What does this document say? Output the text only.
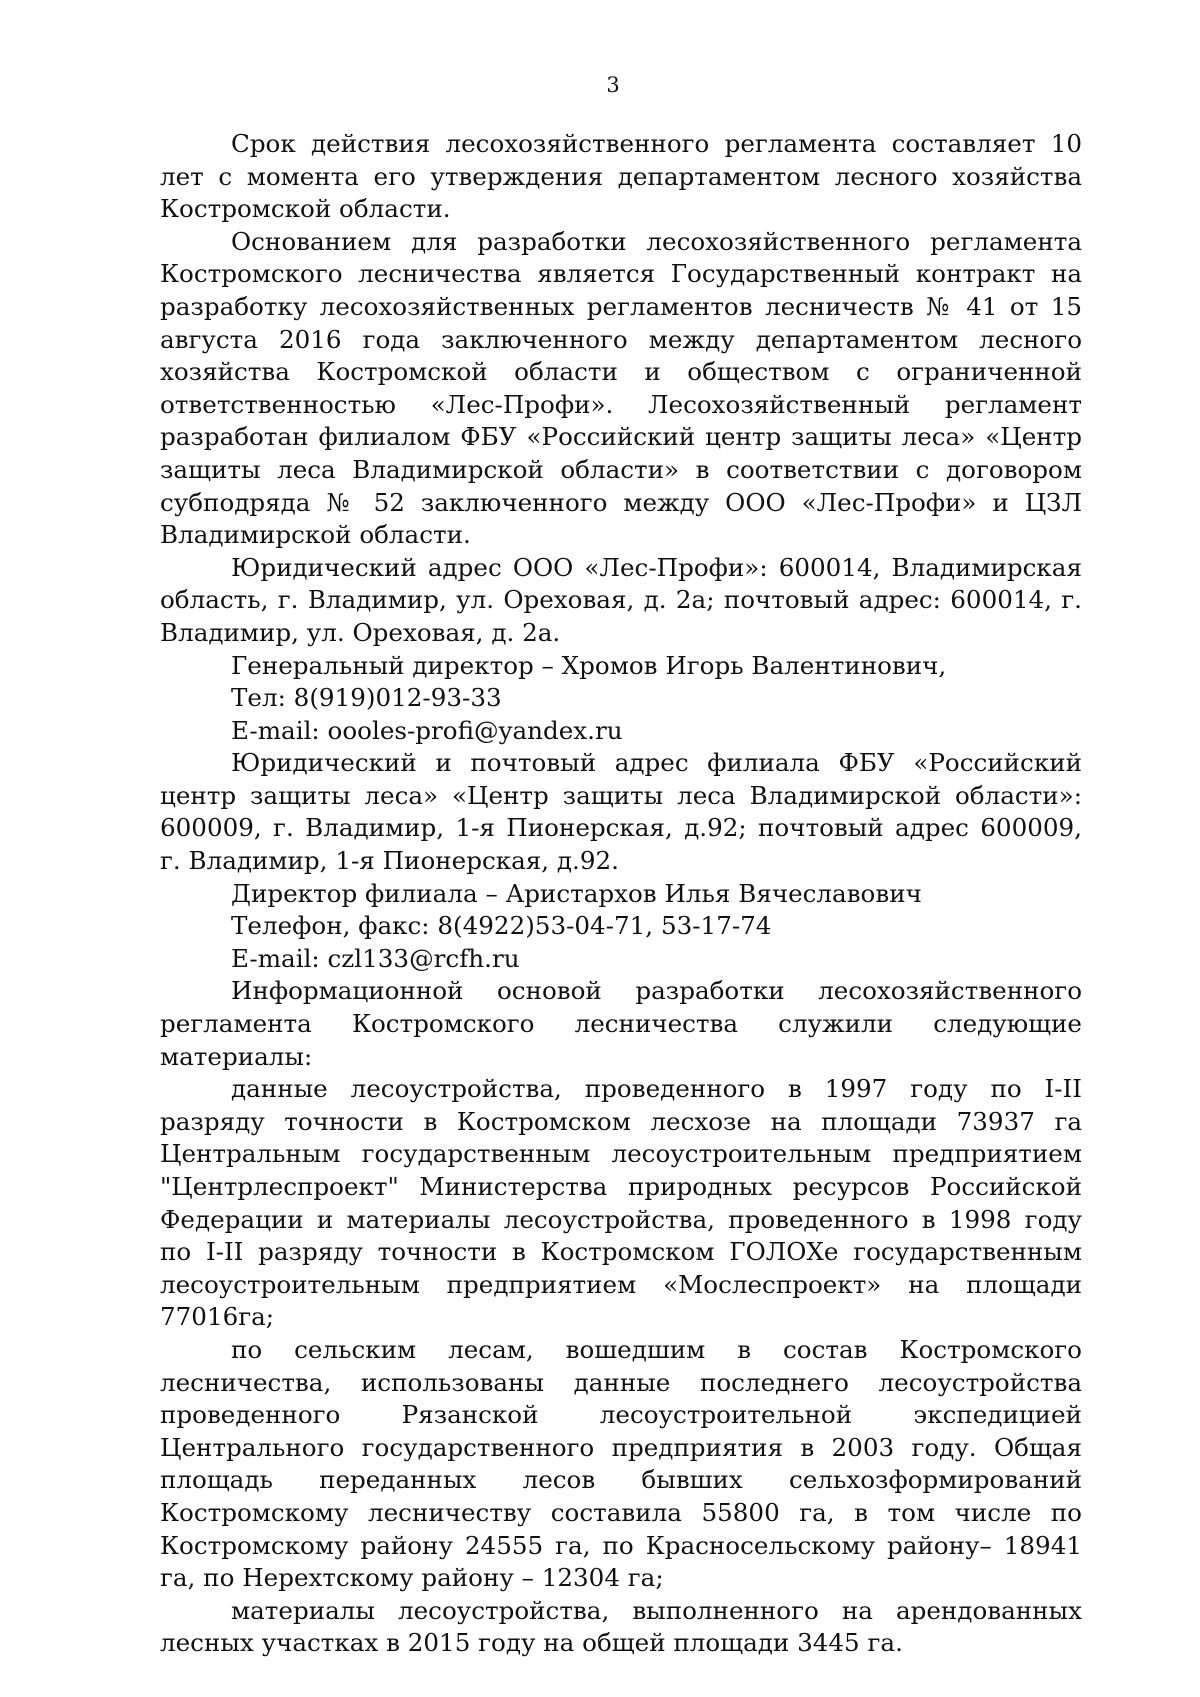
3

Срок действия лесохозяйственного регламента составляет 10 лет с момента его утверждения департаментом лесного хозяйства Костромской области.

Основанием для разработки лесохозяйственного регламента Костромского лесничества является Государственный контракт на разработку лесохозяйственных регламентов лесничеств № 41 от 15 августа 2016 года заключенного между департаментом лесного хозяйства Костромской области и обществом с ограниченной ответственностью «Лес-Профи». Лесохозяйственный регламент разработан филиалом ФБУ «Российский центр защиты леса» «Центр защиты леса Владимирской области» в соответствии с договором субподряда № 52 заключенного между ООО «Лес-Профи» и ЦЗЛ Владимирской области.

Юридический адрес ООО «Лес-Профи»: 600014, Владимирская область, г. Владимир, ул. Ореховая, д. 2а; почтовый адрес: 600014, г. Владимир, ул. Ореховая, д. 2а.

Генеральный директор – Хромов Игорь Валентинович,

Тел: 8(919)012-93-33

E-mail: oooles-profi@yandex.ru

Юридический и почтовый адрес филиала ФБУ «Российский центр защиты леса» «Центр защиты леса Владимирской области»: 600009, г. Владимир, 1-я Пионерская, д.92; почтовый адрес 600009, г. Владимир, 1-я Пионерская, д.92.

Директор филиала – Аристархов Илья Вячеславович

Телефон, факс: 8(4922)53-04-71, 53-17-74

E-mail: czl133@rcfh.ru

Информационной основой разработки лесохозяйственного регламента Костромского лесничества служили следующие материалы:

данные лесоустройства, проведенного в 1997 году по I-II разряду точности в Костромском лесхозе на площади 73937 га Центральным государственным лесоустроительным предприятием "Центрлеспроект" Министерства природных ресурсов Российской Федерации и материалы лесоустройства, проведенного в 1998 году по I-II разряду точности в Костромском ГОЛОХе государственным лесоустроительным предприятием «Мослеспроект» на площади 77016га;

по сельским лесам, вошедшим в состав Костромского лесничества, использованы данные последнего лесоустройства проведенного Рязанской лесоустроительной экспедицией Центрального государственного предприятия в 2003 году. Общая площадь переданных лесов бывших сельхозформирований Костромскому лесничеству составила 55800 га, в том числе по Костромскому району 24555 га, по Красносельскому району– 18941 га, по Нерехтскому району – 12304 га;

материалы лесоустройства, выполненного на арендованных лесных участках в 2015 году на общей площади 3445 га.
